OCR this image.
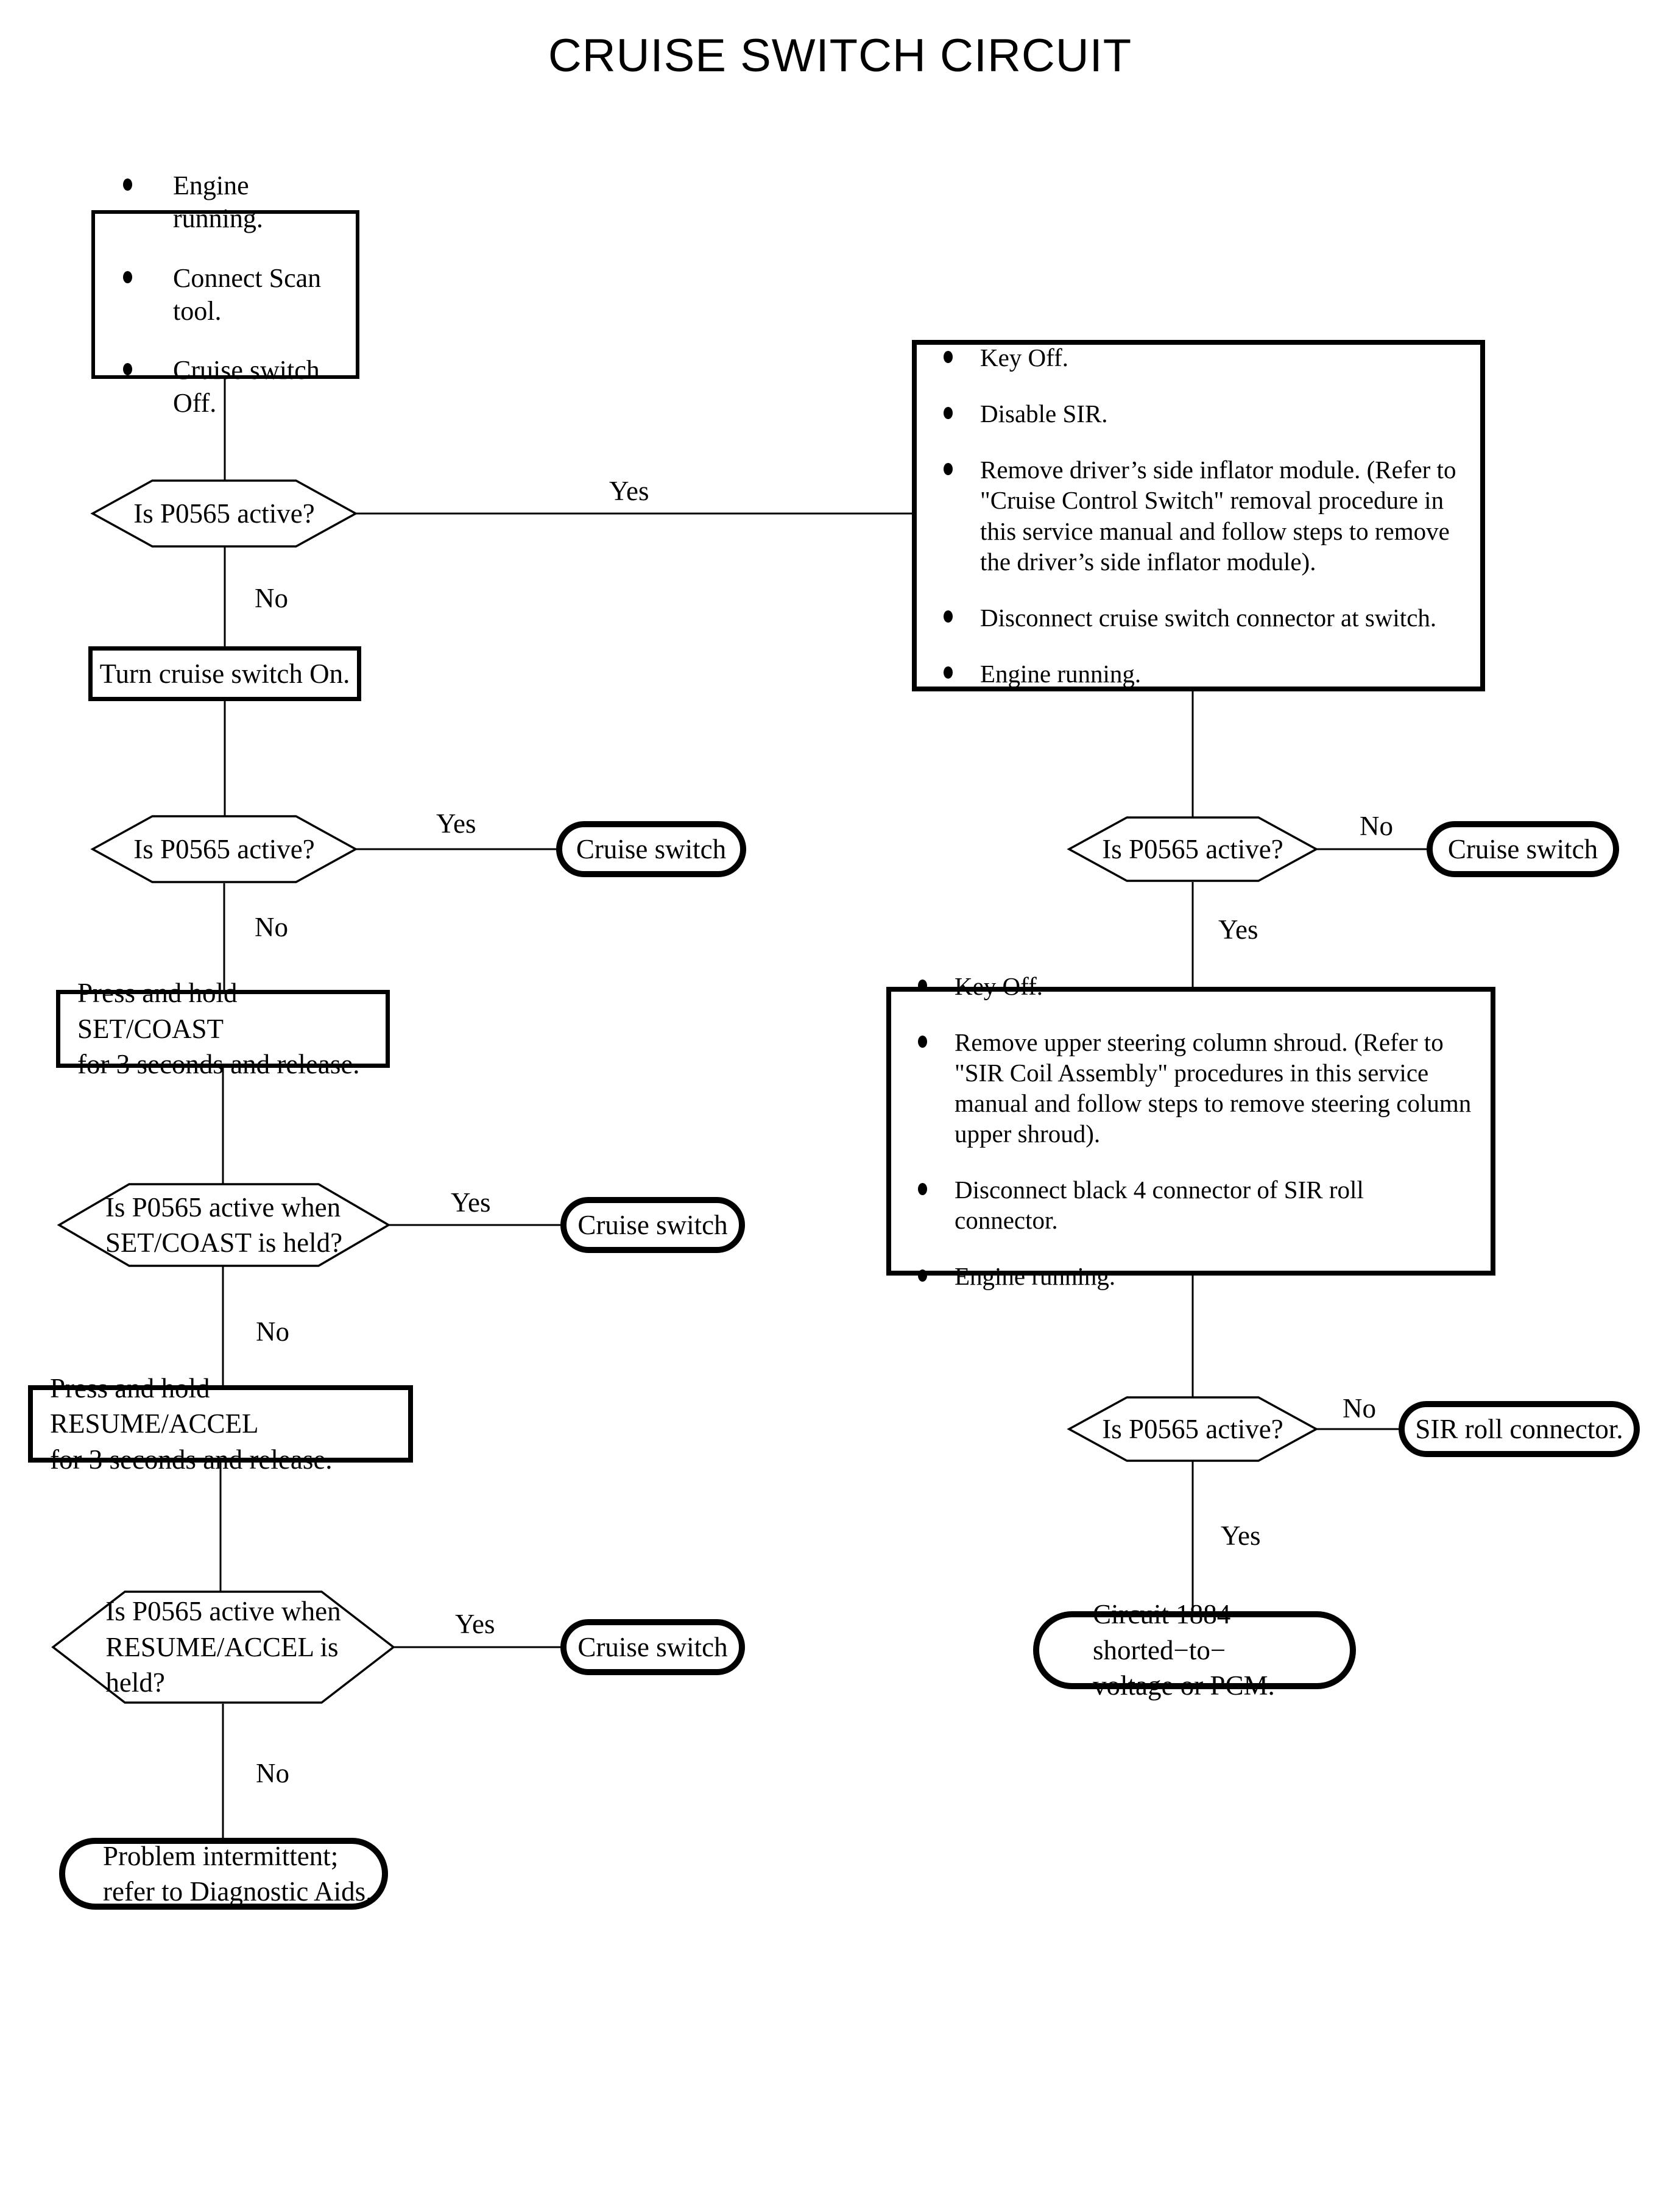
CRUISE SWITCH CIRCUIT
Engine running.
Connect Scan tool.
Cruise switch Off.
Is P0565 active?
Yes
No
Key Off.
Disable SIR.
Remove driver’s side inflator module. (Refer to
"Cruise Control Switch" removal procedure in
this service manual and follow steps to remove
the driver’s side inflator module).
Disconnect cruise switch connector at switch.
Engine running.
Turn cruise switch On.
Is P0565 active?
Yes
Cruise switch
No
Press and hold SET/COAST
for 3 seconds and release.
Is P0565 active when
SET/COAST is held?
Yes
Cruise switch
No
Press and hold RESUME/ACCEL
for 3 seconds and release.
Is P0565 active when
RESUME/ACCEL is
held?
Yes
Cruise switch
No
Problem intermittent;
refer to Diagnostic Aids.
Is P0565 active?
No
Cruise switch
Yes
Key Off.
Remove upper steering column shroud. (Refer to
"SIR Coil Assembly" procedures in this service
manual and follow steps to remove steering column
upper shroud).
Disconnect black 4 connector of SIR roll connector.
Engine running.
Is P0565 active?
No
SIR roll connector.
Yes
Circuit 1884 shorted−to−
voltage or PCM.
